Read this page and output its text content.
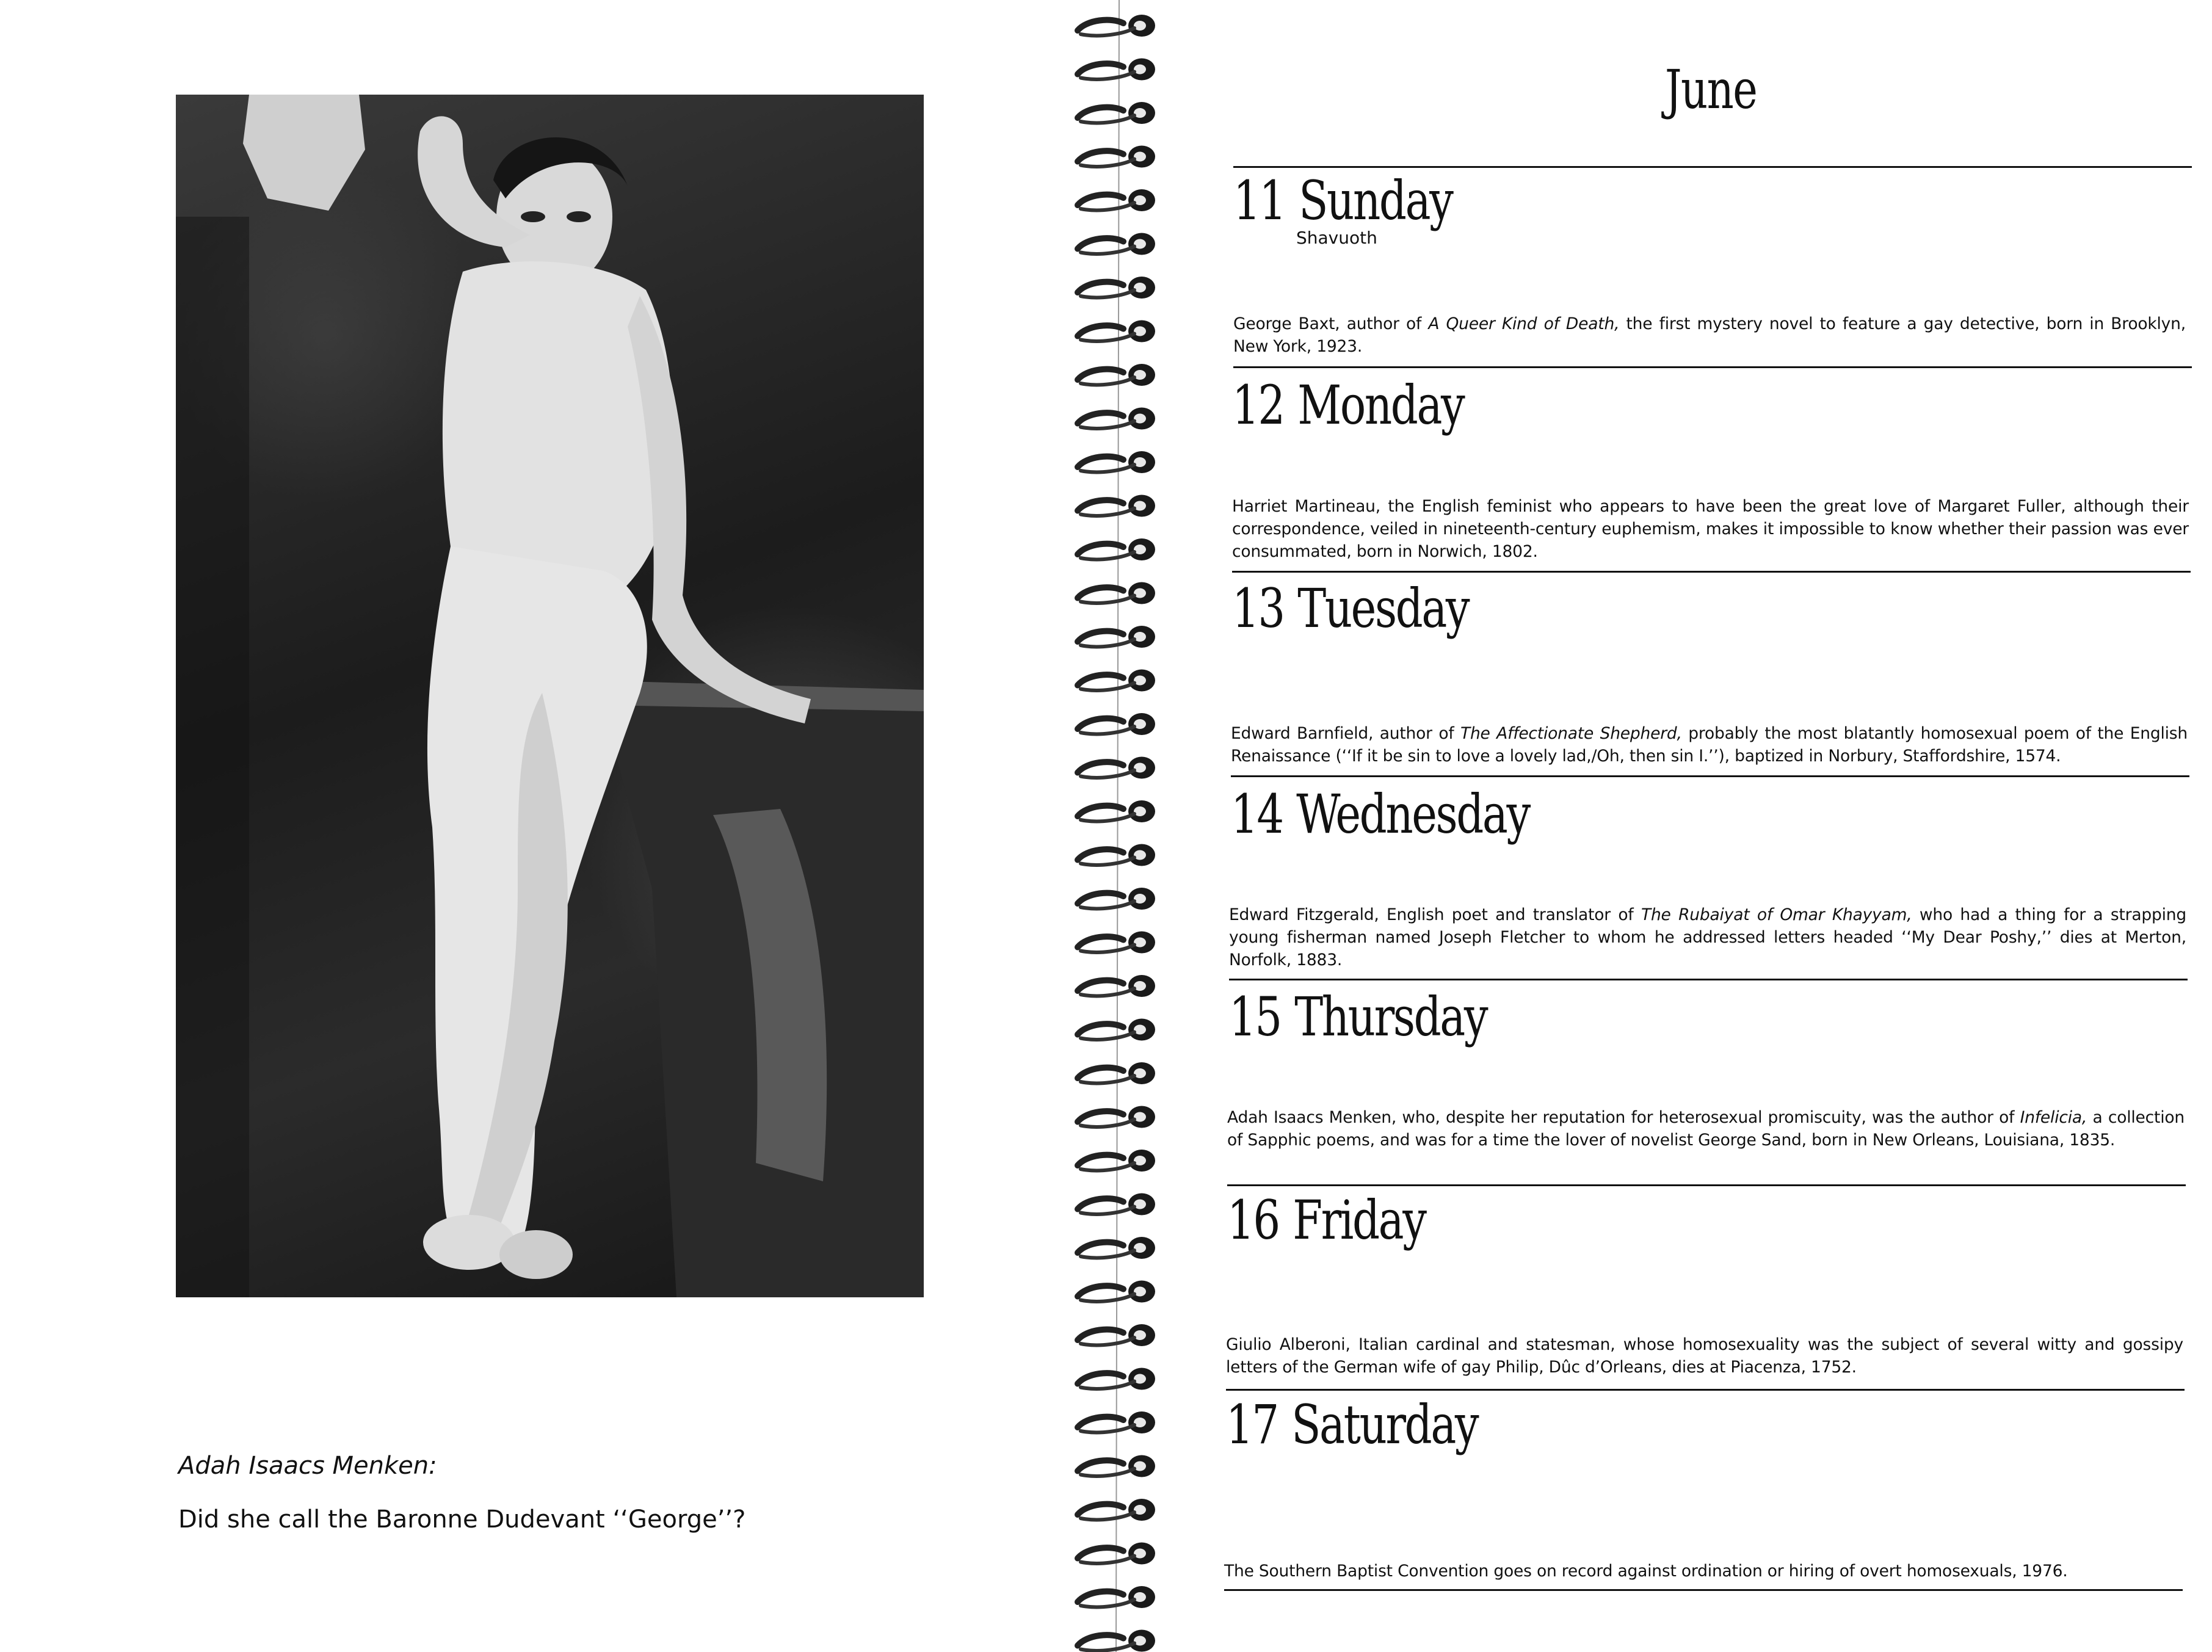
Adah Isaacs Menken:
Did she call the Baronne Dudevant ‘‘George’’?
June
11 Sunday
Shavuoth
George Baxt, author of A Queer Kind of Death, the first mystery novel to feature a gay detective, born in Brooklyn, New York, 1923.
12 Monday
Harriet Martineau, the English feminist who appears to have been the great love of Margaret Fuller, although their correspondence, veiled in nineteenth-century euphemism, makes it impossible to know whether their passion was ever consummated, born in Norwich, 1802.
13 Tuesday
Edward Barnfield, author of The Affectionate Shepherd, probably the most blatantly homosexual poem of the English Renaissance (‘‘If it be sin to love a lovely lad,/Oh, then sin I.’’), baptized in Norbury, Staffordshire, 1574.
14 Wednesday
Edward Fitzgerald, English poet and translator of The Rubaiyat of Omar Khayyam, who had a thing for a strapping young fisherman named Joseph Fletcher to whom he addressed letters headed ‘‘My Dear Poshy,’’ dies at Merton, Norfolk, 1883.
15 Thursday
Adah Isaacs Menken, who, despite her reputation for heterosexual promiscuity, was the author of Infelicia, a collection of Sapphic poems, and was for a time the lover of novelist George Sand, born in New Orleans, Louisiana, 1835.
16 Friday
Giulio Alberoni, Italian cardinal and statesman, whose homosexuality was the subject of several witty and gossipy letters of the German wife of gay Philip, Dûc d’Orleans, dies at Piacenza, 1752.
17 Saturday
The Southern Baptist Convention goes on record against ordination or hiring of overt homosexuals, 1976.
